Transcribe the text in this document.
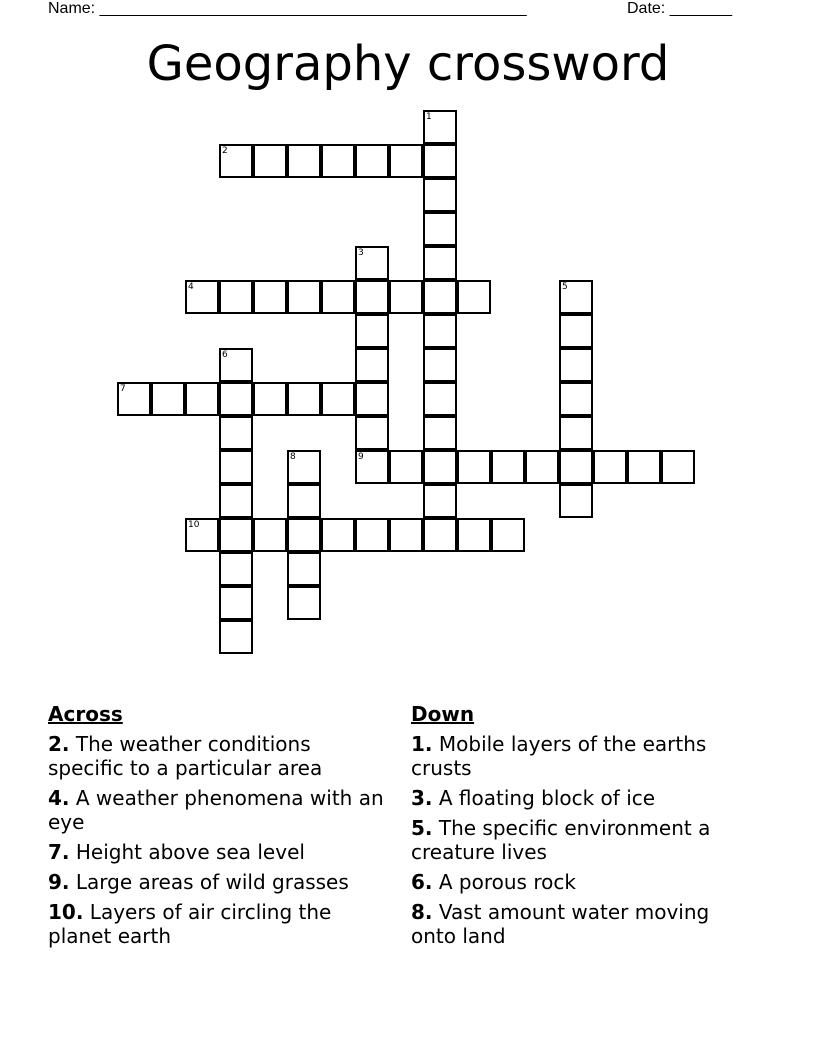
Name: ________________________________________________	Date: _______
Geography crossword
1
2
3
9
4	5
6
7
8
10
Across
2. The weather conditions specific to a particular area
4. A weather phenomena with an eye
7. Height above sea level
9. Large areas of wild grasses
10. Layers of air circling the planet earth
Down
1. Mobile layers of the earths crusts
3. A floating block of ice
5. The specific environment a creature lives
6. A porous rock
8. Vast amount water moving onto land
